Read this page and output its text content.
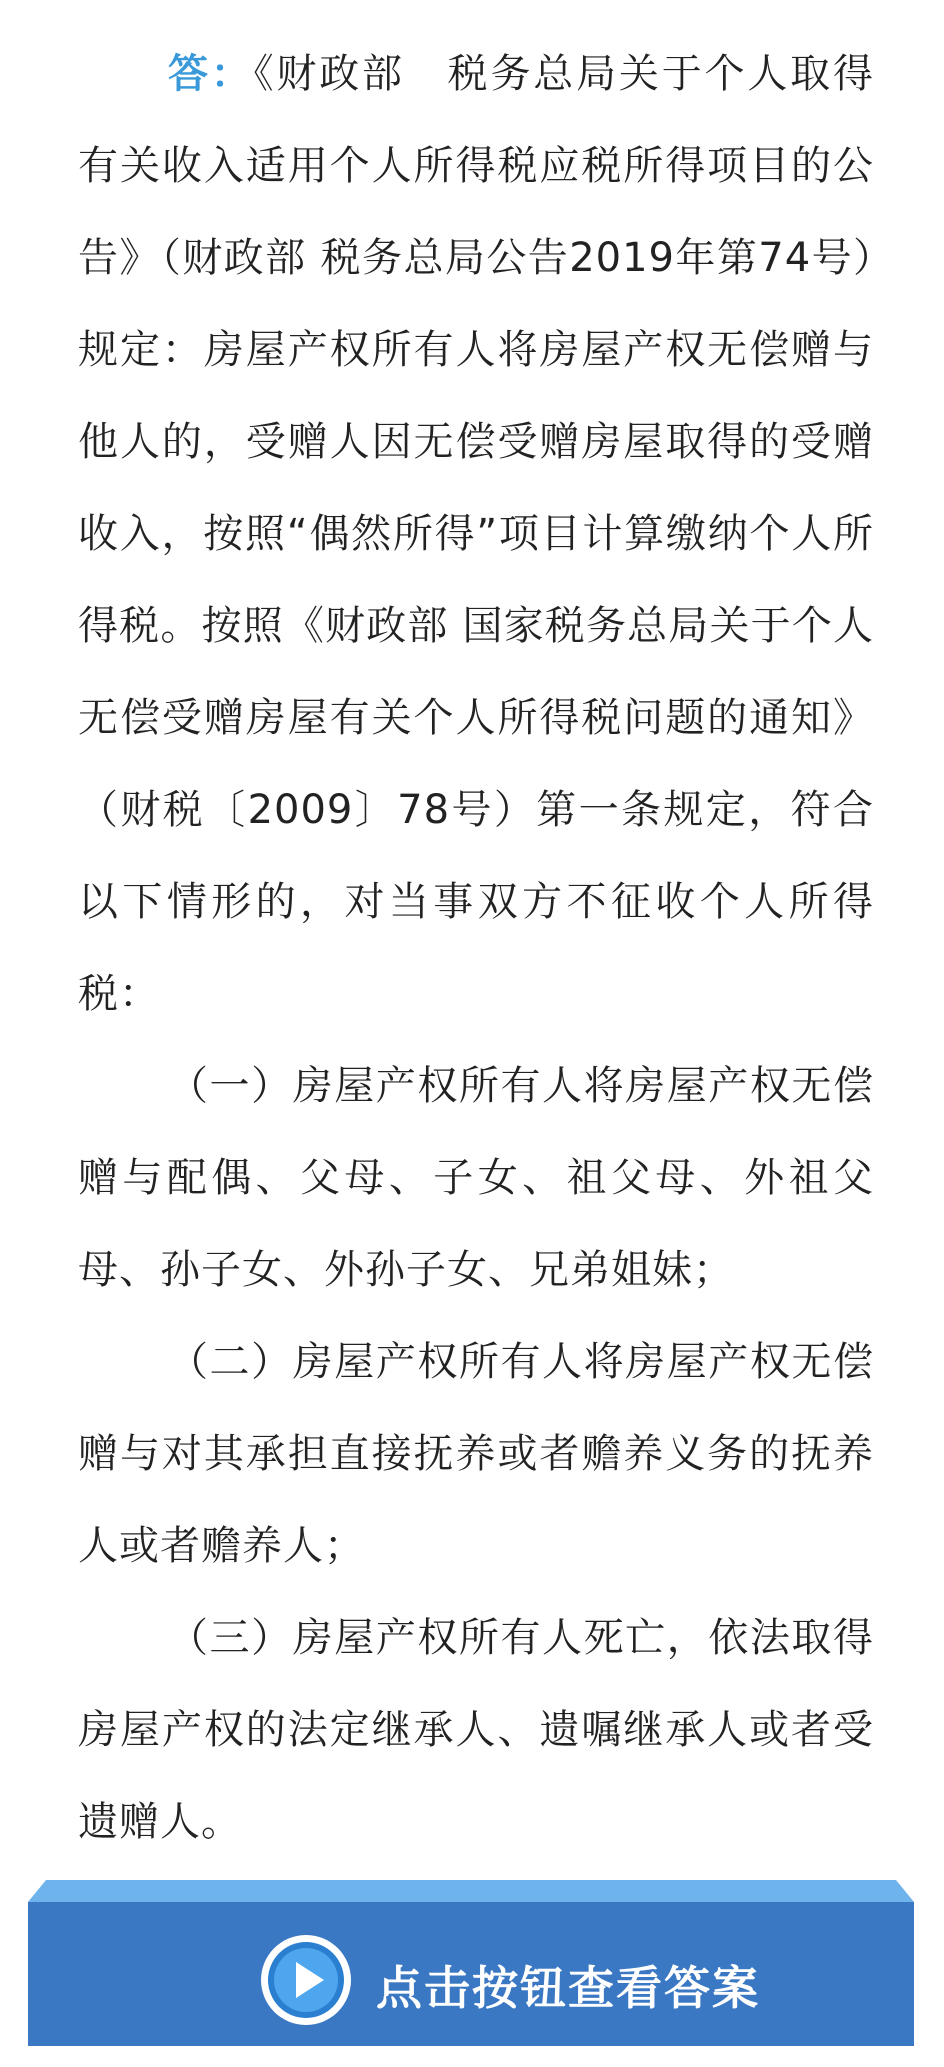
答：《财政部　税务总局关于个人取得有关收入适用个人所得税应税所得项目的公告》（财政部 税务总局公告2019年第74号）规定：房屋产权所有人将房屋产权无偿赠与他人的，受赠人因无偿受赠房屋取得的受赠收入，按照“偶然所得”项目计算缴纳个人所得税。按照《财政部 国家税务总局关于个人无偿受赠房屋有关个人所得税问题的通知》（财税〔2009〕78号）第一条规定，符合以下情形的，对当事双方不征收个人所得税：

（一）房屋产权所有人将房屋产权无偿赠与配偶、父母、子女、祖父母、外祖父母、孙子女、外孙子女、兄弟姐妹；

（二）房屋产权所有人将房屋产权无偿赠与对其承担直接抚养或者赡养义务的抚养人或者赡养人；

（三）房屋产权所有人死亡，依法取得房屋产权的法定继承人、遗嘱继承人或者受遗赠人。

点击按钮查看答案
